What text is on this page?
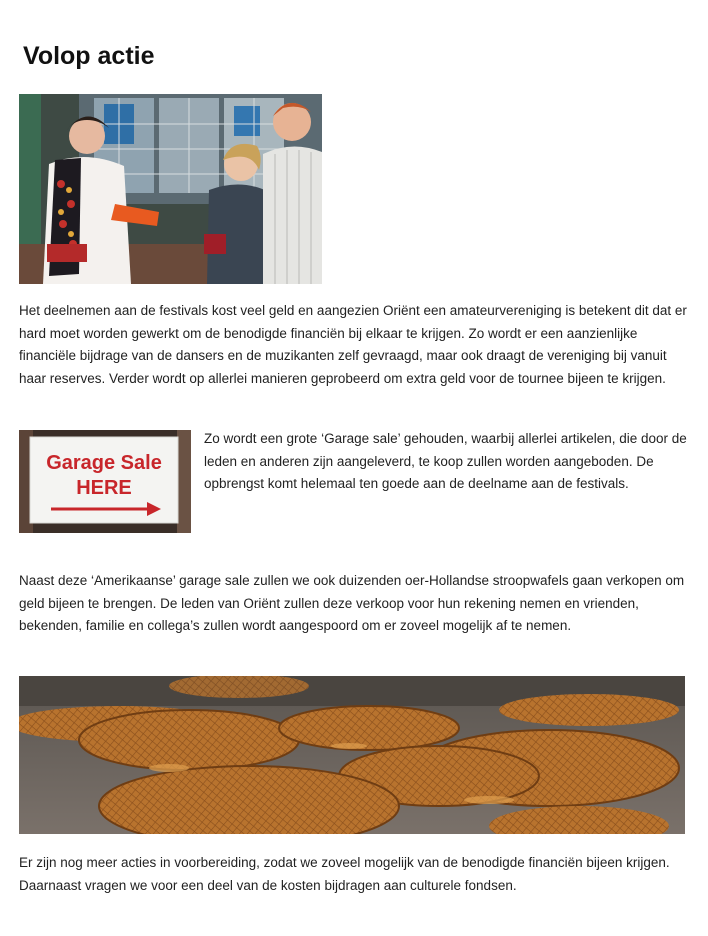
Volop actie

Het deelnemen aan de festivals kost veel geld en aangezien Oriënt een amateurvereniging is betekent dit dat er hard moet worden gewerkt om de benodigde financiën bij elkaar te krijgen. Zo wordt er een aanzienlijke financiële bijdrage van de dansers en de muzikanten zelf gevraagd, maar ook draagt de vereniging bij vanuit haar reserves. Verder wordt op allerlei manieren geprobeerd om extra geld voor de tournee bijeen te krijgen.

Garage Sale
HERE

Zo wordt een grote ‘Garage sale’ gehouden, waarbij allerlei artikelen, die door de leden en anderen zijn aangeleverd, te koop zullen worden aangeboden. De opbrengst komt helemaal ten goede aan de deelname aan de festivals.

Naast deze ‘Amerikaanse’ garage sale zullen we ook duizenden oer-Hollandse stroopwafels gaan verkopen om geld bijeen te brengen. De leden van Oriënt zullen deze verkoop voor hun rekening nemen en vrienden, bekenden, familie en collega’s zullen wordt aangespoord om er zoveel mogelijk af te nemen.

Er zijn nog meer acties in voorbereiding, zodat we zoveel mogelijk van de benodigde financiën bijeen krijgen. Daarnaast vragen we voor een deel van de kosten bijdragen aan culturele fondsen.
